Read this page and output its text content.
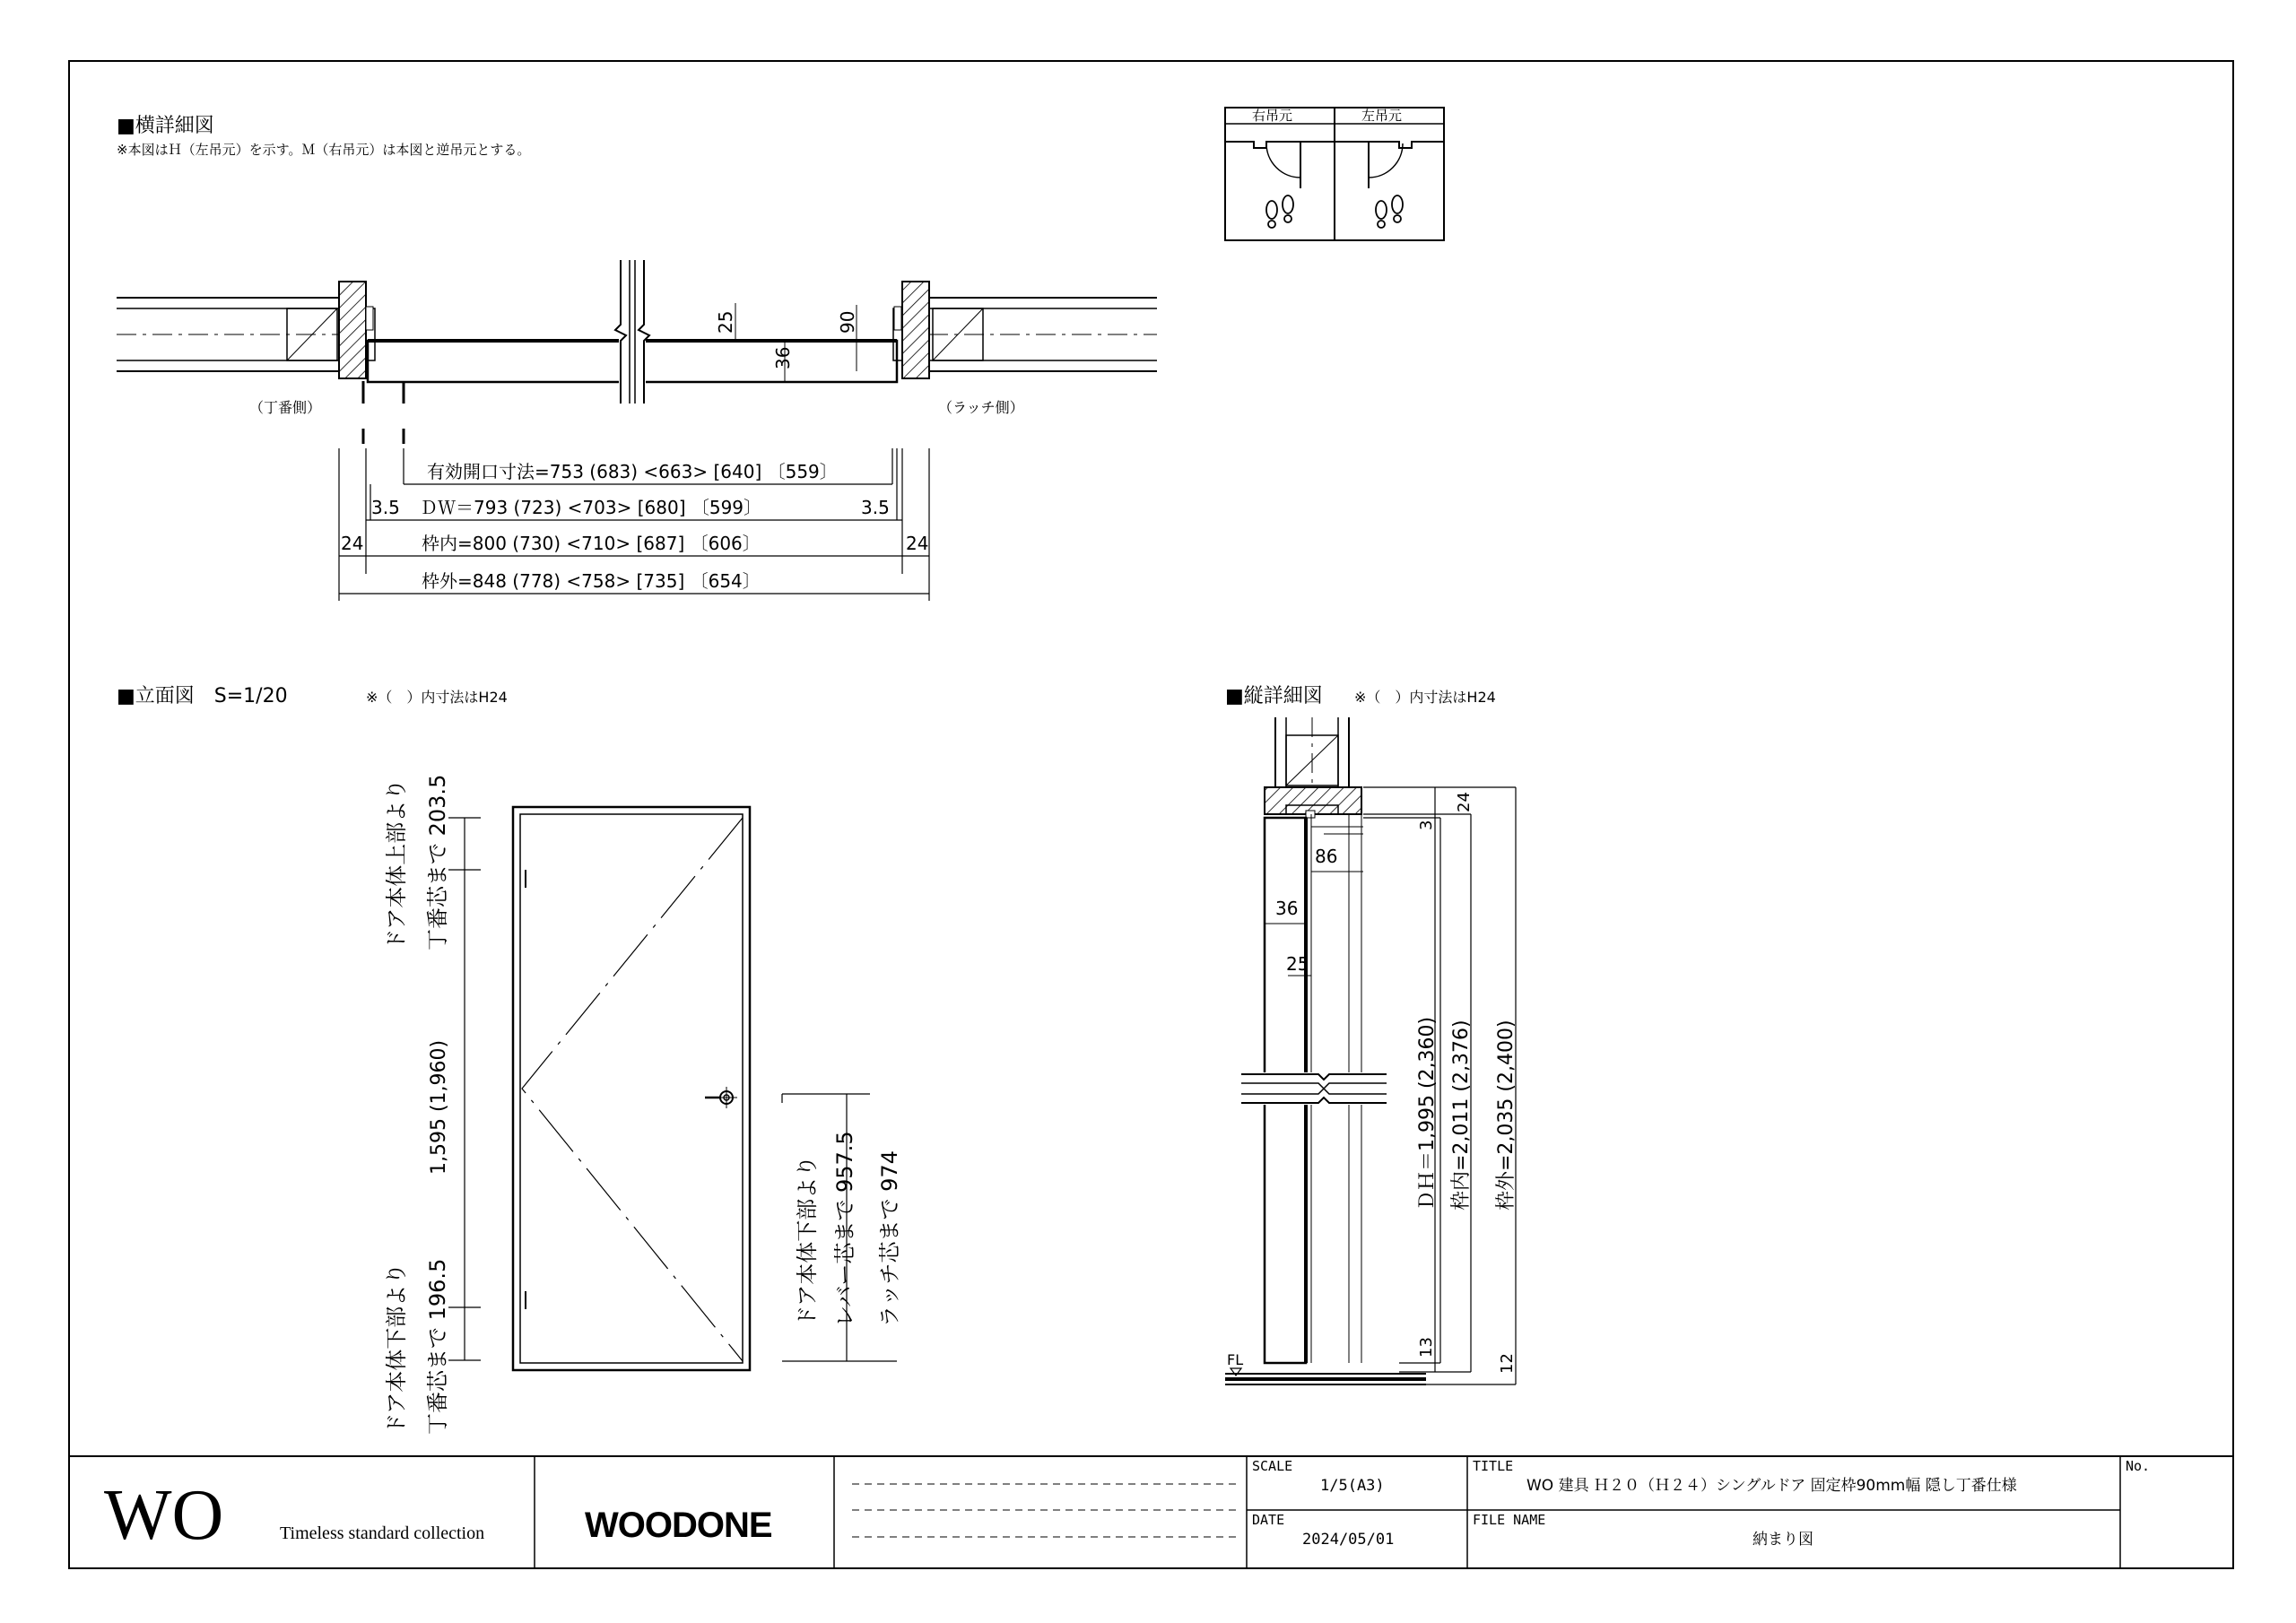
■横詳細図
※本図はＨ（左吊元）を示す。Ｍ（右吊元）は本図と逆吊元とする。
25
36
90
（丁番側）	（ラッチ側）
有効開口寸法=753 (683) <663> [640] 〔559〕
3.5 ＤＷ＝793 (723) <703> [680] 〔599〕	3.5
24	枠内=800 (730) <710> [687] 〔606〕	24
枠外=848 (778) <758> [735] 〔654〕
右吊元	左吊元
■立面図　S=1/20	※（　）内寸法はH24
ドア本体上部より 丁番芯まで 203.5
1,595 (1,960)
ドア本体下部より 丁番芯まで 196.5
ドア本体下部より レバー芯まで 957.5 ラッチ芯まで 974
■縦詳細図 ※（　）内寸法はH24
FL
86
36
25
3
24
13
12
ＤＨ＝1,995 (2,360) 枠内=2,011 (2,376) 枠外=2,035 (2,400)
WO	Timeless standard collection	WOODONE
SCALE
1/5(A3)
DATE
2024/05/01
TITLE
WO 建具 Ｈ２０（Ｈ２４）シングルドア 固定枠90mm幅 隠し丁番仕様
FILE NAME
納まり図
No.
